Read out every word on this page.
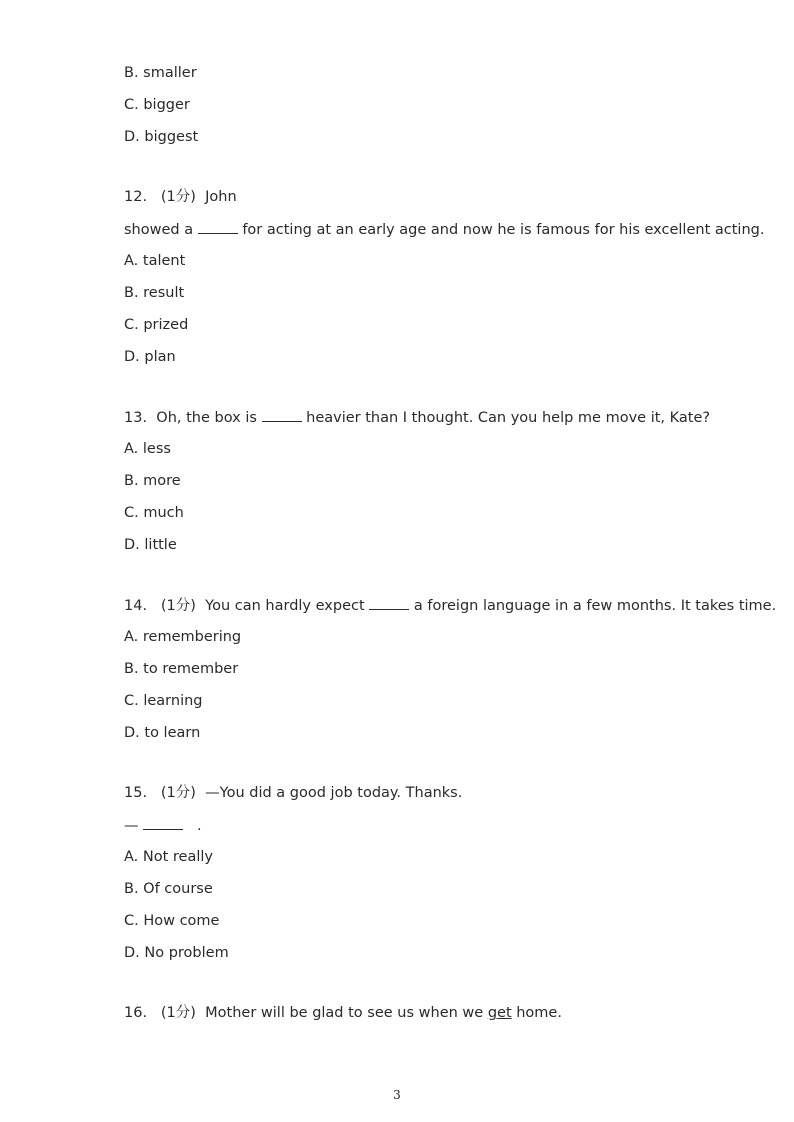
B. smaller
C. bigger
D. biggest
12. (1分) John
showed a	for acting at an early age and now he is famous for his excellent acting.
A. talent
B. result
C. prized
D. plan
13. Oh, the box is	heavier than I thought. Can you help me move it, Kate?
A. less
B. more
C. much
D. little
14. (1分) You can hardly expect	a foreign language in a few months. It takes time.
A. remembering
B. to remember
C. learning
D. to learn
15. (1分) —You did a good job today. Thanks.
—	.
A. Not really
B. Of course
C. How come
D. No problem
16. (1分) Mother will be glad to see us when we get home.
3
